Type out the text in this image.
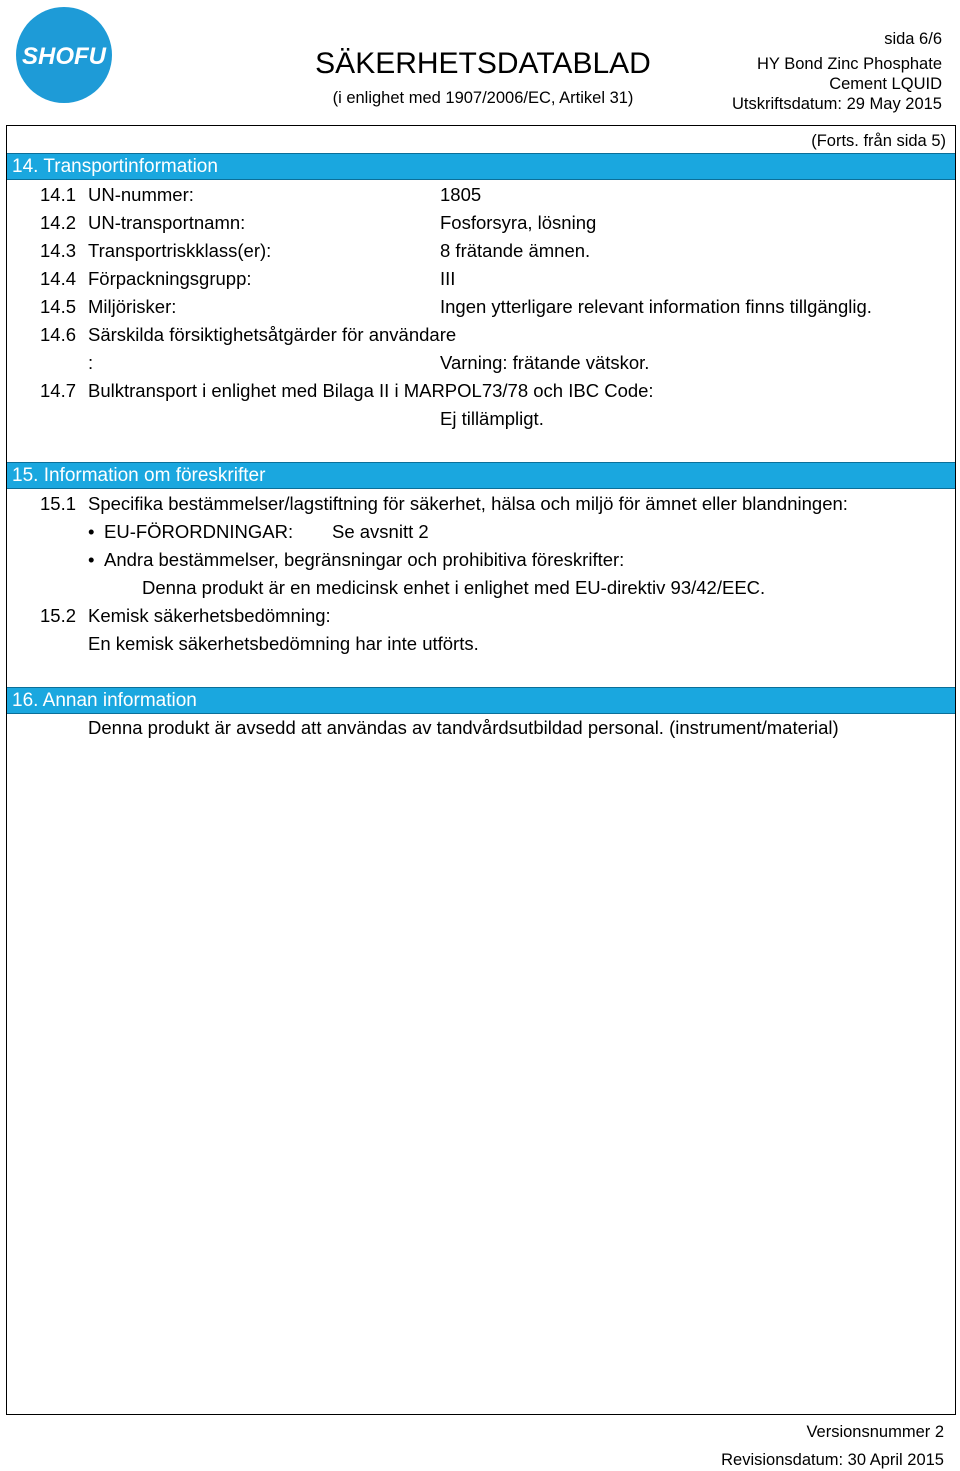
SHOFU	SÄKERHETSDATABLAD
(i enlighet med 1907/2006/EC, Artikel 31)
sida 6/6
HY Bond Zinc Phosphate
Cement LQUID
Utskriftsdatum: 29 May 2015
(Forts. från sida 5)
14. Transportinformation
14.1 UN-nummer:	1805
14.2 UN-transportnamn:	Fosforsyra, lösning
14.3 Transportriskklass(er):	8 frätande ämnen.
14.4 Förpackningsgrupp:	III
14.5 Miljörisker:	Ingen ytterligare relevant information finns tillgänglig.
14.6 Särskilda försiktighetsåtgärder för användare
:	Varning: frätande vätskor.
14.7 Bulktransport i enlighet med Bilaga II i MARPOL73/78 och IBC Code:
Ej tillämpligt.
15. Information om föreskrifter
15.1 Specifika bestämmelser/lagstiftning för säkerhet, hälsa och miljö för ämnet eller blandningen:
• EU-FÖRORDNINGAR: Se avsnitt 2
• Andra bestämmelser, begränsningar och prohibitiva föreskrifter:
Denna produkt är en medicinsk enhet i enlighet med EU-direktiv 93/42/EEC.
15.2 Kemisk säkerhetsbedömning:
En kemisk säkerhetsbedömning har inte utförts.
16. Annan information
Denna produkt är avsedd att användas av tandvårdsutbildad personal. (instrument/material)
Versionsnummer 2
Revisionsdatum: 30 April 2015
